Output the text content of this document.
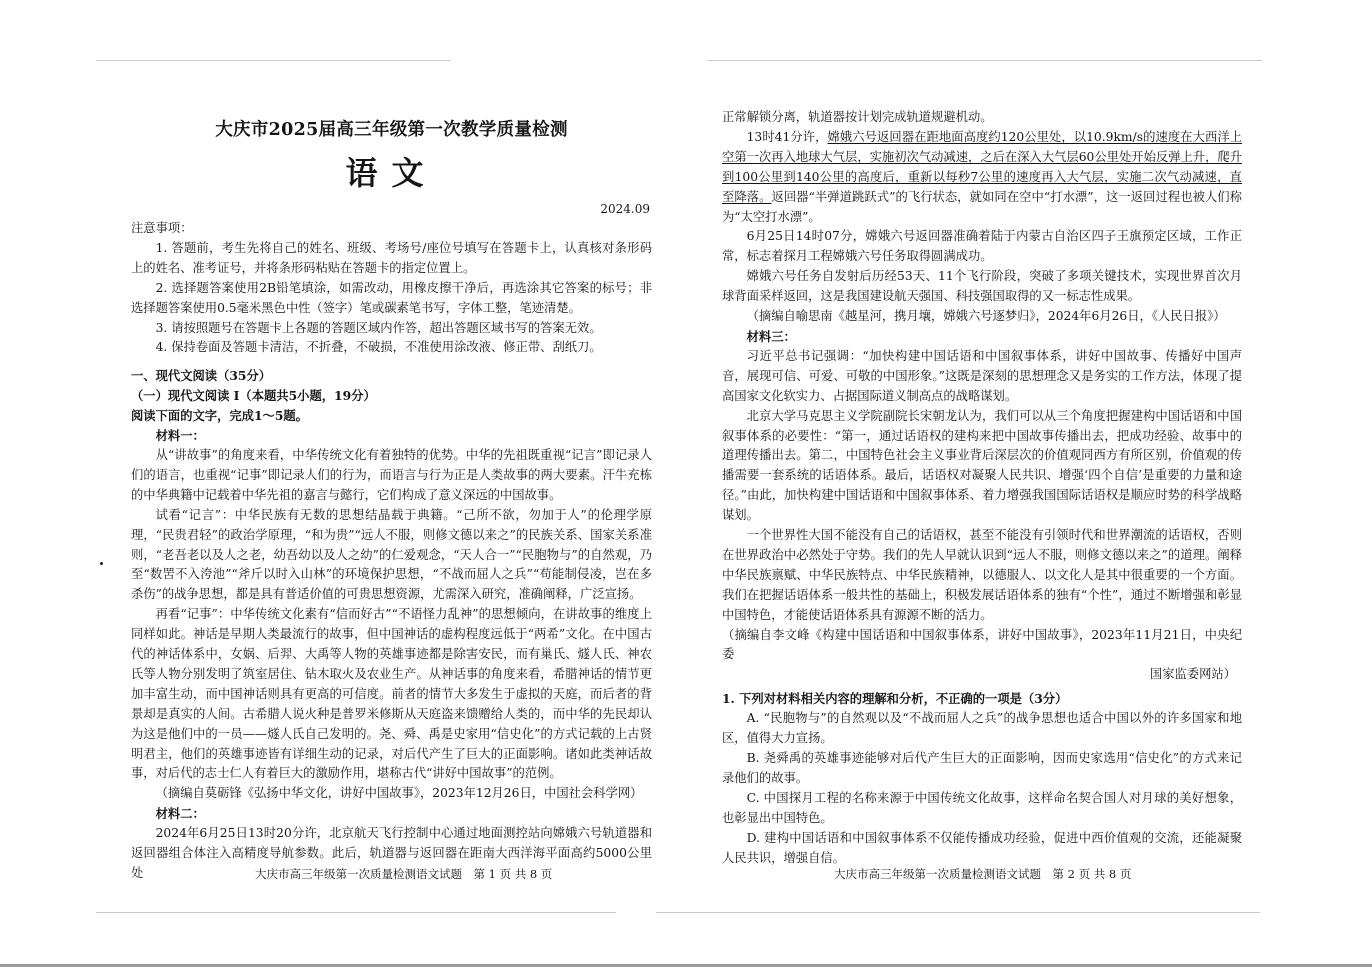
大庆市2025届高三年级第一次教学质量检测
语文
2024.09
注意事项：
1. 答题前，考生先将自己的姓名、班级、考场号/座位号填写在答题卡上，认真核对条形码上的姓名、准考证号，并将条形码粘贴在答题卡的指定位置上。
2. 选择题答案使用2B铅笔填涂，如需改动，用橡皮擦干净后，再选涂其它答案的标号；非选择题答案使用0.5毫米黑色中性（签字）笔或碳素笔书写，字体工整，笔迹清楚。
3. 请按照题号在答题卡上各题的答题区域内作答，超出答题区域书写的答案无效。
4. 保持卷面及答题卡清洁，不折叠，不破损，不准使用涂改液、修正带、刮纸刀。
一、现代文阅读（35分）
（一）现代文阅读 I（本题共5小题，19分）
阅读下面的文字，完成1～5题。
材料一：
从“讲故事”的角度来看，中华传统文化有着独特的优势。中华的先祖既重视“记言”即记录人们的语言，也重视“记事”即记录人们的行为，而语言与行为正是人类故事的两大要素。汗牛充栋的中华典籍中记载着中华先祖的嘉言与懿行，它们构成了意义深远的中国故事。
试看“记言”：中华民族有无数的思想结晶载于典籍。“己所不欲，勿加于人”的伦理学原理，“民贵君轻”的政治学原理，“和为贵”“远人不服，则修文德以来之”的民族关系、国家关系准则，“老吾老以及人之老，幼吾幼以及人之幼”的仁爱观念，“天人合一”“民胞物与”的自然观，乃至“数罟不入洿池”“斧斤以时入山林”的环境保护思想，“不战而屈人之兵”“苟能制侵凌，岂在多杀伤”的战争思想，都是具有普适价值的可贵思想资源，尤需深入研究，准确阐释，广泛宣扬。
再看“记事”：中华传统文化素有“信而好古”“不语怪力乱神”的思想倾向，在讲故事的维度上同样如此。神话是早期人类最流行的故事，但中国神话的虚构程度远低于“两希”文化。在中国古代的神话体系中，女娲、后羿、大禹等人物的英雄事迹都是除害安民，而有巢氏、燧人氏、神农氏等人物分别发明了筑室居住、钻木取火及农业生产。从神话事的角度来看，希腊神话的情节更加丰富生动，而中国神话则具有更高的可信度。前者的情节大多发生于虚拟的天庭，而后者的背景却是真实的人间。古希腊人说火种是普罗米修斯从天庭盗来馈赠给人类的，而中华的先民却认为这是他们中的一员——燧人氏自己发明的。尧、舜、禹是史家用“信史化”的方式记载的上古贤明君主，他们的英雄事迹皆有详细生动的记录，对后代产生了巨大的正面影响。诸如此类神话故事，对后代的志士仁人有着巨大的激励作用，堪称古代“讲好中国故事”的范例。
（摘编自莫砺锋《弘扬中华文化，讲好中国故事》，2023年12月26日，中国社会科学网）
材料二：
2024年6月25日13时20分许，北京航天飞行控制中心通过地面测控站向嫦娥六号轨道器和返回器组合体注入高精度导航参数。此后，轨道器与返回器在距南大西洋海平面高约5000公里处	大庆市高三年级第一次质量检测语文试题　第 1 页 共 8 页
正常解锁分离，轨道器按计划完成轨道规避机动。
13时41分许，嫦娥六号返回器在距地面高度约120公里处，以10.9km/s的速度在大西洋上空第一次再入地球大气层，实施初次气动减速，之后在深入大气层60公里处开始反弹上升，爬升到100公里到140公里的高度后，重新以每秒7公里的速度再入大气层，实施二次气动减速，直至降落。返回器“半弹道跳跃式”的飞行状态，就如同在空中“打水漂”，这一返回过程也被人们称为“太空打水漂”。
6月25日14时07分，嫦娥六号返回器准确着陆于内蒙古自治区四子王旗预定区域，工作正常，标志着探月工程嫦娥六号任务取得圆满成功。
嫦娥六号任务自发射后历经53天、11个飞行阶段，突破了多项关键技术，实现世界首次月球背面采样返回，这是我国建设航天强国、科技强国取得的又一标志性成果。
（摘编自喻思南《越星河，携月壤，嫦娥六号逐梦归》，2024年6月26日，《人民日报》）
材料三：
习近平总书记强调：“加快构建中国话语和中国叙事体系，讲好中国故事、传播好中国声音，展现可信、可爱、可敬的中国形象。”这既是深刻的思想理念又是务实的工作方法，体现了提高国家文化软实力、占据国际道义制高点的战略谋划。
北京大学马克思主义学院副院长宋朝龙认为，我们可以从三个角度把握建构中国话语和中国叙事体系的必要性：“第一，通过话语权的建构来把中国故事传播出去，把成功经验、故事中的道理传播出去。第二，中国特色社会主义事业背后深层次的价值观同西方有所区别，价值观的传播需要一套系统的话语体系。最后，话语权对凝聚人民共识、增强‘四个自信’是重要的力量和途径。”由此，加快构建中国话语和中国叙事体系、着力增强我国国际话语权是顺应时势的科学战略谋划。
一个世界性大国不能没有自己的话语权，甚至不能没有引领时代和世界潮流的话语权，否则在世界政治中必然处于守势。我们的先人早就认识到“远人不服，则修文德以来之”的道理。阐释中华民族禀赋、中华民族特点、中华民族精神，以德服人、以文化人是其中很重要的一个方面。我们在把握话语体系一般共性的基础上，积极发展话语体系的独有“个性”，通过不断增强和彰显中国特色，才能使话语体系具有源源不断的活力。
（摘编自李文峰《构建中国话语和中国叙事体系，讲好中国故事》，2023年11月21日，中央纪委
国家监委网站）
1. 下列对材料相关内容的理解和分析，不正确的一项是（3分）
A. “民胞物与”的自然观以及“不战而屈人之兵”的战争思想也适合中国以外的许多国家和地区，值得大力宣扬。
B. 尧舜禹的英雄事迹能够对后代产生巨大的正面影响，因而史家选用“信史化”的方式来记录他们的故事。
C. 中国探月工程的名称来源于中国传统文化故事，这样命名契合国人对月球的美好想象，也彰显出中国特色。
D. 建构中国话语和中国叙事体系不仅能传播成功经验，促进中西价值观的交流，还能凝聚人民共识，增强自信。
大庆市高三年级第一次质量检测语文试题　第 2 页 共 8 页
